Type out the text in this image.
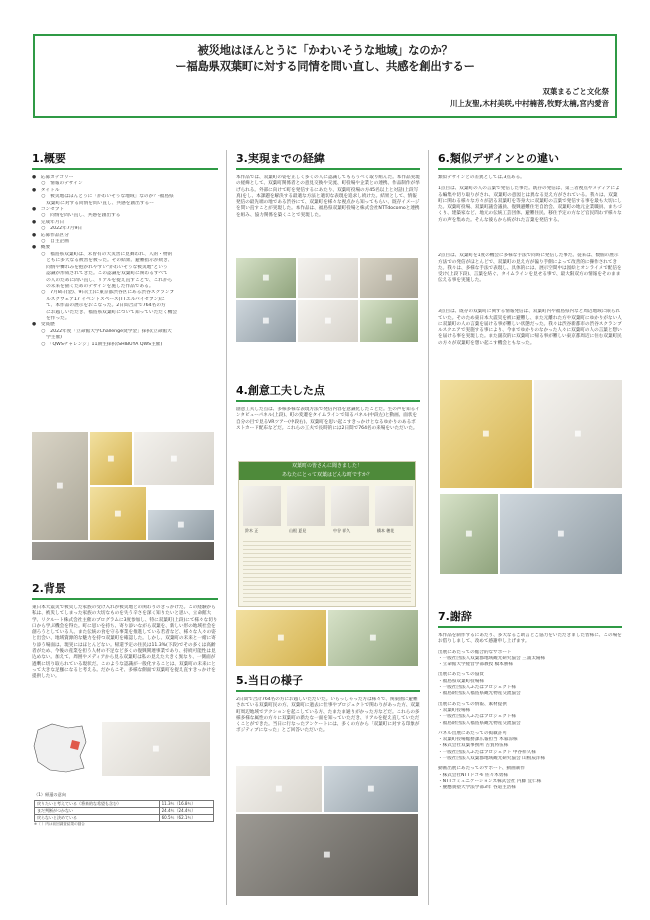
被災地はほんとうに「かわいそうな地域」なのか？
ー福島県双葉町に対する同情を問い直し、共感を創出するー
双葉まるごと文化祭
川上友聖,木村美咲,中村楠菩,牧野太楠,宮内愛音
1.概要
●　応募カテゴリー
　　○　情報のデザイン
●　タイトル
　　○　被災地はほんとうに「かわいそうな地域」なのか？-福島県
　　　双葉町に対する同情を問い直し、共感を創出するー
●　コンセプト
　　○　同情を問い直し、共感を創出する
●　完成年月日
　　○　2022年7月9日
●　応募作品区分
　　○　自主企画
●　概要
　　○　福島県双葉町は、未曾有の大災害に見舞われ、人的・物的
　　　ともに多大なる被害を被った。その結果、避難指示が続き、
　　　同情や憐れみを抱かれやすい"かわいそうな被災地"という
　　　認識が形成されてきた。この認識を双葉町に関わるすべて
　　　の人のために問い直し、リアルを捉え直すことで、これから
　　　の未来を描くためのデザインを施した作品である。
　　○　7月8日(金)、9日(土)に東京都渋谷区にある渋谷スクランブ
　　　ルスクウェア17 イベントスペース(TTエルパイセブン)に
　　　て、本作品の展示をおこなった。2日間合計で764名の方
　　　にお越しいただき、福島県双葉町について知っていただく機会
　　　を作った。
●　受賞歴
　　○　2022年度「立命館大学Challenge奨学金」採択(立命館大
　　　学主催)
　　○　「QWSチャレンジ」11期生採択(SHIBUYA QWS主催)
◼
◼	◼
◼
◼
2.背景
東日本大震災で被災した家族の受け入れが被災地との関わりのきっかけだ。この経験から私は、被災してしまった家族の大切なものを失う辛さを深く知りたいと思い、立命館大学、リクルート株式会社主催のプログラムに3度参加し、特に双葉町(上段)にて様々な切り口から学ぶ機会を得た。町に思いを持ち、寄り添いながら双葉を、新しい形の地域社会を創ろうとしている人、また伝統の食を守る事業を推進している若者など、様々な人々の姿と出会い、地域資源的な魅力を持つ双葉町を確認した。しかし、双葉町の未来と一緒に寄り添う場面は、現実にはほとんどない。帰還予定の住民は11.3%(下段)でその多くは高齢者がため、今後の産業を担う人材の不足など多くの復興関連事業であり、持続可能性は見込めない。加えて、周囲やメディアから見る双葉町は私の見えた大きく異なり、一側面が過剰に切り取られている現状だ。このような認識が一般化することは、双葉町の未来にとって大きな足枷になると考える。だからこそ、多様な側面で双葉町を捉え直すきっかけを提供したい。
◼
（1）帰還の意向
戻りたいと考えている（将来的な希望も含む）	11.3％（16.8％）
まだ判断がつかない	24.4％（24.4％）
戻らないと決めている	60.5％（62.1％）
※（ ）内は前回調査結果の割合
3.実現までの経緯
本作品では、双葉町の姿を正しく多くの人に認識してもらうべく取り組んだ。本作品実現の経緯として、双葉町関係者との意見交換や交流、町役場や企業との連携、作品制作が挙げられる。外部に向けて町を発信するにあたり、双葉町役場の方45名以上と対話(上段写真)をし、本課題を解決する最適な方法と適切な表現を追求し続けた。結果として、情報発信の最先端の地である渋谷にて、双葉町を様々な視点から知ってもらい、既存イメージを問い直すことが実現した。本作品は、福島県双葉町役場と株式会社NTTdocomoと連携を組み、協力関係を築くことで実現した。
◼	◼	◼
◼	◼	◼
4.創意工夫した点
創意工夫した点は、多様多様な表現方法で発信内容を意識化したことだ。生の声を知るインタビューパネル(上段)、町の変遷をタイムラインで知るパネル(中段左)と動画、面状を自分の目で見るVRツアー(中段右)、双葉町を思い起こすきっかけとなるゆかりのあるポストカード配布などだ。これらの工夫で長時的には2日間で764名の来場をいただいた。
双葉町の皆さんに聞きました！
あなたにとって双葉はどんな町ですか？
鈴木 正	山根 夏見	中谷 祥久	橋本 穂花
◼	◼
5.当日の様子
2日間で合計764名の方にお越しいただいた。いらっしゃった方は様々で、関東圏に避難されている双葉町民の方、双葉町に過去に仕事やプロジェクトで関わりがあった方、双葉町周辺地域でアクションを起こしている方、たまたま通りがかった方などだ。これらの多様多様な属性の方々に双葉町の新たな一面を知っていただき、リアルを捉え直していただくことができた。当日に行なったアンケートには、多くの方から「双葉町に対する印象がポジティブになった」とご回答いただいた。
◼	◼
◼
6.類似デザインとの違い
類似デザインとの差異としては,3点ある。
1点目は、双葉町の人の言葉で発信した事だ。既存の発信は、第三者視点やメディアによる編集や切り取りがされ、双葉町の意図とは異なる見え方がされている。我々は、双葉町に関わる様々な方々が語る双葉町を等身大に双葉町の言葉で発信する事を最も大切にした。双葉町役場、双葉町議会議員、復興避難住宅自治会、双葉町の地元企業職員、まちづくり、建築家など、地元の伝統工芸団体、避難住民、移住予定の方など官民問わず様々な方の声を集めた。そんな彼らから紡がれた言葉を発信する。
2点目は、双葉町を1度の機会に多様な手法で同時に発信した事だ。従来は、数個の展示方法での発信がほとんどで、双葉町の見え方が偏り手側によって改善的に操作されてきた。我々は、多様な手法で表現し、具体的には、展示空間中は図絵とオンライメで配信を受け(上段下段)、言葉を紡ぐ、タイムラインを見せる事で、最大限双方の情報をそのまま伝える事を実施した。
3点目は、既存の双葉町に関する情報発信は、双葉町内や福島県内など周辺地域に限られていた。そのため東日本大震災を被に避難し、また元離れた方や双葉町にゆかりがない人に双葉町の人の言葉を届ける事が難しい状態だった。我々は渋谷新都市の渋谷スクランブルスクエアで実施する事により、今までゆかりのなかった人々に双葉町の人の言葉と想いを届ける事を実現した。また副次的に双葉町に帰る事が難しい東京都周辺に住む双葉町民の方々が双葉町を想い起こす機会ともなった。
◼	◼
◼	◼
7.謝辞
本作品を制作するにあたり、多大なるご助言とご協力をいただきました皆様に、この場をお借りしまして、改めて感謝申し上げます。
出展にあたっての総合的なサポート
・一般社団法人双葉郡地域観光研究協会 三浦太陽様
・立命館大学経営学部教授 橋本勝様
出展にあたっての協賛
・福島県双葉町役場様
・一般社団法人ふたばプロジェクト様
・福島財団法人福島県観光物産交流協会
出展にあたっての情報、素材提供
・双葉町役場様
・一般社団法人ふたばプロジェクト様
・福島財団法人福島県観光物産交流協会
パネル出展にあたっての掲載許可
・双葉町役場総務課広報担当 木暮涼様
・株式会社双葉事務所 古賀将伍様
・一般社団法人ふたばプロジェクト 中谷祥久様
・一般社団法人双葉郡地域観光研究協会 山根辰洋様
動画出展にあたってのサポート、動画制作
・株式会社NTTドコモ 佐々木勇様
・NTTコミュニケーションズ株式会社 内藤 宜仁様
・慶應義塾大学法学部3年 谷道主浩様
